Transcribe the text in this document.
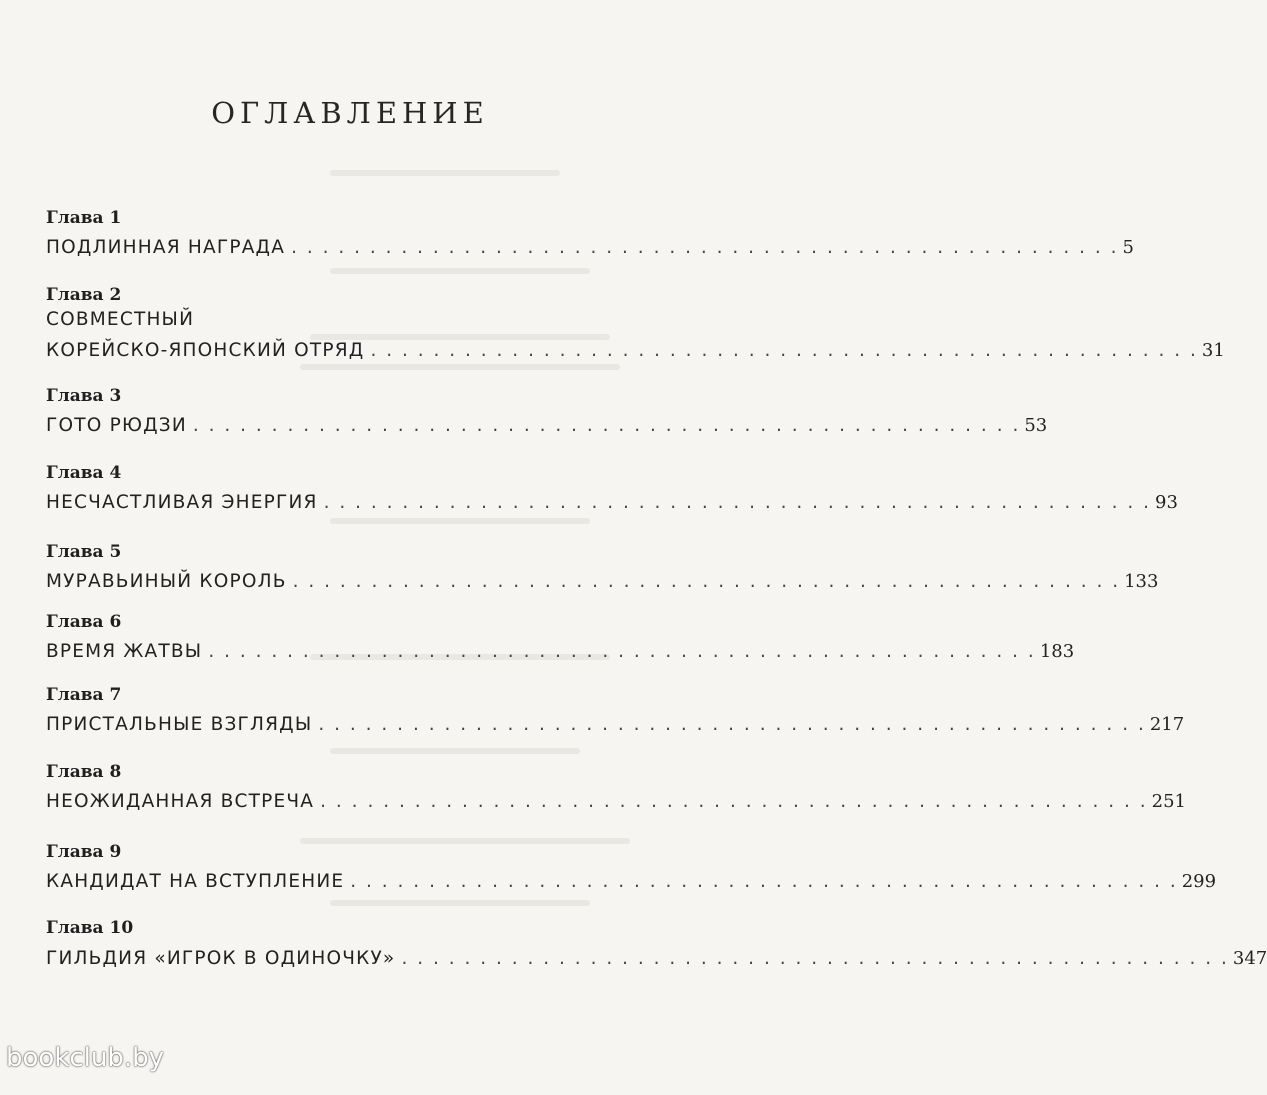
ОГЛАВЛЕНИЕ
Глава 1
ПОДЛИННАЯ НАГРАДА . . . . . . . . . . . . . . . . . . . . . . . . . . . . . . . . . . . . . . . . . . . . . . . . . . . . . 5
Глава 2
СОВМЕСТНЫЙ
КОРЕЙСКО-ЯПОНСКИЙ ОТРЯД . . . . . . . . . . . . . . . . . . . . . . . . . . . . . . . . . . . . . . . . . . . . . . . . . . . . . 31
Глава 3
ГОТО РЮДЗИ . . . . . . . . . . . . . . . . . . . . . . . . . . . . . . . . . . . . . . . . . . . . . . . . . . . . . 53
Глава 4
НЕСЧАСТЛИВАЯ ЭНЕРГИЯ . . . . . . . . . . . . . . . . . . . . . . . . . . . . . . . . . . . . . . . . . . . . . . . . . . . . . 93
Глава 5
МУРАВЬИНЫЙ КОРОЛЬ . . . . . . . . . . . . . . . . . . . . . . . . . . . . . . . . . . . . . . . . . . . . . . . . . . . . . 133
Глава 6
ВРЕМЯ ЖАТВЫ . . . . . . . . . . . . . . . . . . . . . . . . . . . . . . . . . . . . . . . . . . . . . . . . . . . . . 183
Глава 7
ПРИСТАЛЬНЫЕ ВЗГЛЯДЫ . . . . . . . . . . . . . . . . . . . . . . . . . . . . . . . . . . . . . . . . . . . . . . . . . . . . . 217
Глава 8
НЕОЖИДАННАЯ ВСТРЕЧА . . . . . . . . . . . . . . . . . . . . . . . . . . . . . . . . . . . . . . . . . . . . . . . . . . . . . 251
Глава 9
КАНДИДАТ НА ВСТУПЛЕНИЕ . . . . . . . . . . . . . . . . . . . . . . . . . . . . . . . . . . . . . . . . . . . . . . . . . . . . . 299
Глава 10
ГИЛЬДИЯ «ИГРОК В ОДИНОЧКУ» . . . . . . . . . . . . . . . . . . . . . . . . . . . . . . . . . . . . . . . . . . . . . . . . . . . . . 347
bookclub.by
